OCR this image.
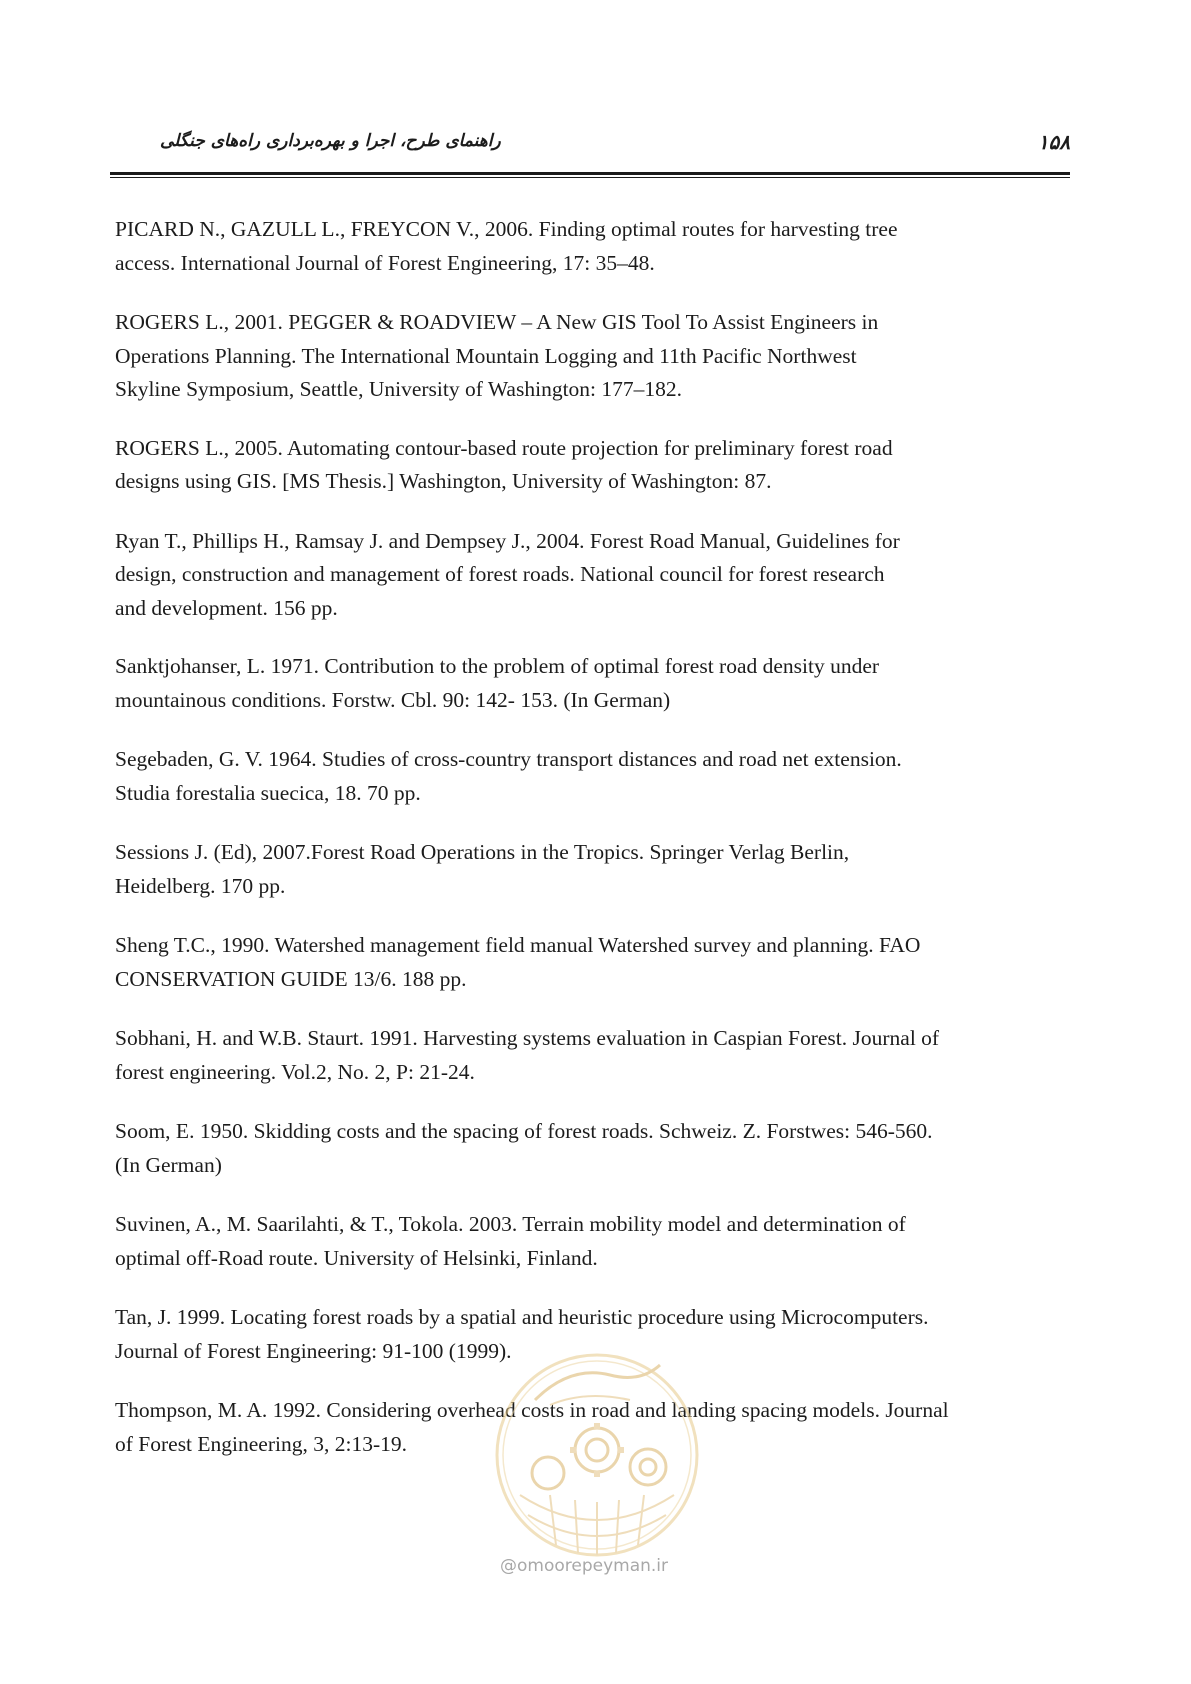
۱۵۸
راهنمای طرح، اجرا و بهره‌برداری راه‌های جنگلی
PICARD N., GAZULL L., FREYCON V., 2006. Finding optimal routes for harvesting tree
access. International Journal of Forest Engineering, 17: 35–48.
ROGERS L., 2001. PEGGER & ROADVIEW – A New GIS Tool To Assist Engineers in
Operations Planning. The International Mountain Logging and 11th Pacific Northwest
Skyline Symposium, Seattle, University of Washington: 177–182.
ROGERS L., 2005. Automating contour-based route projection for preliminary forest road
designs using GIS. [MS Thesis.] Washington, University of Washington: 87.
Ryan T., Phillips H., Ramsay J. and Dempsey J., 2004. Forest Road Manual, Guidelines for
design, construction and management of forest roads. National council for forest research
and development. 156 pp.
Sanktjohanser, L. 1971. Contribution to the problem of optimal forest road density under
mountainous conditions. Forstw. Cbl. 90: 142- 153. (In German)
Segebaden, G. V. 1964. Studies of cross-country transport distances and road net extension.
Studia forestalia suecica, 18. 70 pp.
Sessions J. (Ed), 2007.Forest Road Operations in the Tropics. Springer Verlag Berlin,
Heidelberg. 170 pp.
Sheng T.C., 1990. Watershed management field manual Watershed survey and planning. FAO
CONSERVATION GUIDE 13/6. 188 pp.
Sobhani, H. and W.B. Staurt. 1991. Harvesting systems evaluation in Caspian Forest. Journal of
forest engineering. Vol.2, No. 2, P: 21-24.
Soom, E. 1950. Skidding costs and the spacing of forest roads. Schweiz. Z. Forstwes: 546-560.
(In German)
Suvinen, A., M. Saarilahti, & T., Tokola. 2003. Terrain mobility model and determination of
optimal off-Road route. University of Helsinki, Finland.
Tan, J. 1999. Locating forest roads by a spatial and heuristic procedure using Microcomputers.
Journal of Forest Engineering: 91-100 (1999).
Thompson, M. A. 1992. Considering overhead costs in road and landing spacing models. Journal
of Forest Engineering, 3, 2:13-19.
@omoorepeyman.ir
